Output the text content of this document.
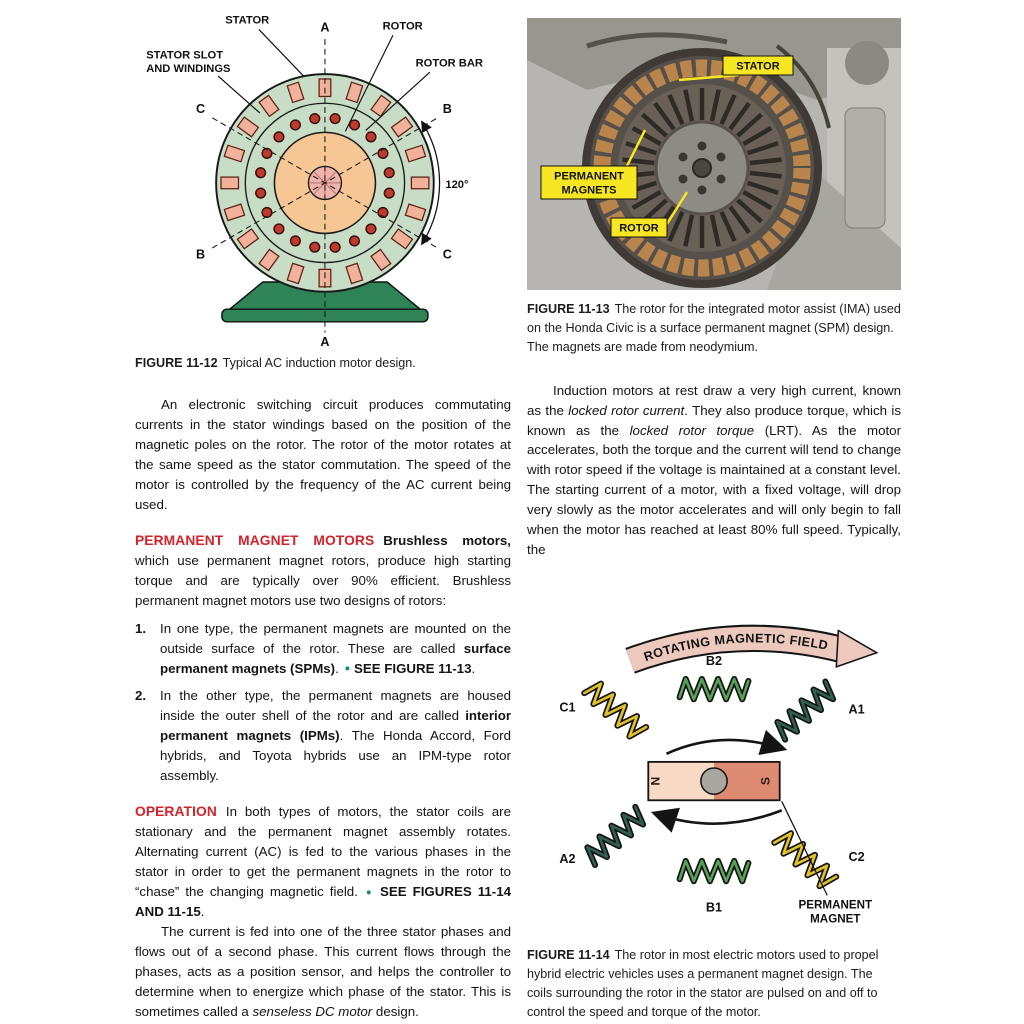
120°
A
A
B
B
C
C
STATOR	ROTOR
ROTOR BAR
STATOR SLOT
AND WINDINGS

FIGURE 11-12 Typical AC induction motor design.

An electronic switching circuit produces commutating currents in the stator windings based on the position of the magnetic poles on the rotor. The rotor of the motor rotates at the same speed as the stator commutation. The speed of the motor is controlled by the frequency of the AC current being used.

PERMANENT MAGNET MOTORS Brushless motors, which use permanent magnet rotors, produce high starting torque and are typically over 90% efficient. Brushless permanent magnet motors use two designs of rotors:

1.	In one type, the permanent magnets are mounted on the outside surface of the rotor. These are called surface permanent magnets (SPMs). ● SEE FIGURE 11-13.

2.	In the other type, the permanent magnets are housed inside the outer shell of the rotor and are called interior permanent magnets (IPMs). The Honda Accord, Ford hybrids, and Toyota hybrids use an IPM-type rotor assembly.

OPERATION In both types of motors, the stator coils are stationary and the permanent magnet assembly rotates. Alternating current (AC) is fed to the various phases in the stator in order to get the permanent magnets in the rotor to “chase” the changing magnetic field. ● SEE FIGURES 11-14 AND 11-15.

The current is fed into one of the three stator phases and flows out of a second phase. This current flows through the phases, acts as a position sensor, and helps the controller to determine when to energize which phase of the stator. This is sometimes called a senseless DC motor design.

STATOR
PERMANENT
MAGNETS
ROTOR

FIGURE 11-13 The rotor for the integrated motor assist (IMA) used on the Honda Civic is a surface permanent magnet (SPM) design. The magnets are made from neodymium.

Induction motors at rest draw a very high current, known as the locked rotor current. They also produce torque, which is known as the locked rotor torque (LRT). As the motor accelerates, both the torque and the current will tend to change with rotor speed if the voltage is maintained at a constant level. The starting current of a motor, with a fixed voltage, will drop very slowly as the motor accelerates and will only begin to fall when the motor has reached at least 80% full speed. Typically, the

ROTATING MAGNETIC FIELD
B2
A1
C2
B1
A2
C1
N	S
PERMANENT
MAGNET

FIGURE 11-14 The rotor in most electric motors used to propel hybrid electric vehicles uses a permanent magnet design. The coils surrounding the rotor in the stator are pulsed on and off to control the speed and torque of the motor.
